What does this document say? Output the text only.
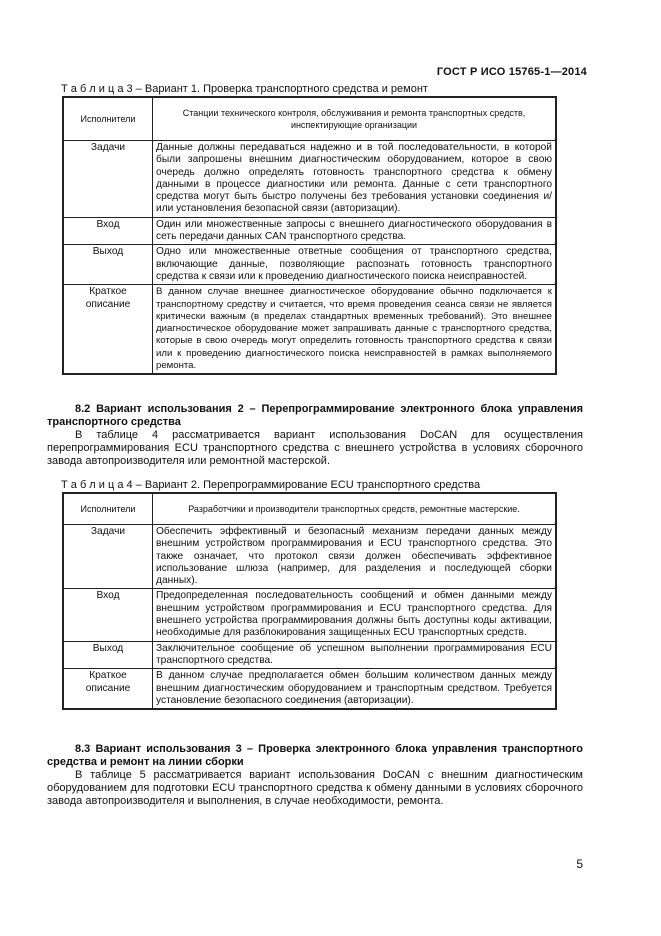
ГОСТ Р ИСО 15765-1—2014
Т а б л и ц а 3 – Вариант 1. Проверка транспортного средства и ремонт
Исполнители	Станции технического контроля, обслуживания и ремонта транспортных средств, инспектирующие организации
Задачи	Данные должны передаваться надежно и в той последовательности, в которой были запрошены внешним диагностическим оборудованием, которое в свою очередь должно определять готовность транспортного средства к обмену данными в процессе диагностики или ремонта. Данные с сети транспортного средства могут быть быстро получены без требования установки соединения и/или установления безопасной связи (авторизации).
Вход	Один или множественные запросы с внешнего диагностического оборудования в сеть передачи данных CAN транспортного средства.
Выход	Одно или множественные ответные сообщения от транспортного средства, включающие данные, позволяющие распознать готовность транспортного средства к связи или к проведению диагностического поиска неисправностей.
Краткое описание	В данном случае внешнее диагностическое оборудование обычно подключается к транспортному средству и считается, что время проведения сеанса связи не является критически важным (в пределах стандартных временных требований). Это внешнее диагностическое оборудование может запрашивать данные с транспортного средства, которые в свою очередь могут определить готовность транспортного средства к связи или к проведению диагностического поиска неисправностей в рамках выполняемого ремонта.
8.2 Вариант использования 2 – Перепрограммирование электронного блока управления транспортного средства
В таблице 4 рассматривается вариант использования DoCAN для осуществления перепрограммирования ECU транспортного средства с внешнего устройства в условиях сборочного завода автопроизводителя или ремонтной мастерской.
Т а б л и ц а 4 – Вариант 2. Перепрограммирование ECU транспортного средства
Исполнители	Разработчики и производители транспортных средств, ремонтные мастерские.
Задачи	Обеспечить эффективный и безопасный механизм передачи данных между внешним устройством программирования и ECU транспортного средства. Это также означает, что протокол связи должен обеспечивать эффективное использование шлюза (например, для разделения и последующей сборки данных).
Вход	Предопределенная последовательность сообщений и обмен данными между внешним устройством программирования и ECU транспортного средства. Для внешнего устройства программирования должны быть доступны коды активации, необходимые для разблокирования защищенных ECU транспортных средств.
Выход	Заключительное сообщение об успешном выполнении программирования ECU транспортного средства.
Краткое описание	В данном случае предполагается обмен большим количеством данных между внешним диагностическим оборудованием и транспортным средством. Требуется установление безопасного соединения (авторизации).
8.3 Вариант использования 3 – Проверка электронного блока управления транспортного средства и ремонт на линии сборки
В таблице 5 рассматривается вариант использования DoCAN с внешним диагностическим оборудованием для подготовки ECU транспортного средства к обмену данными в условиях сборочного завода автопроизводителя и выполнения, в случае необходимости, ремонта.
5
